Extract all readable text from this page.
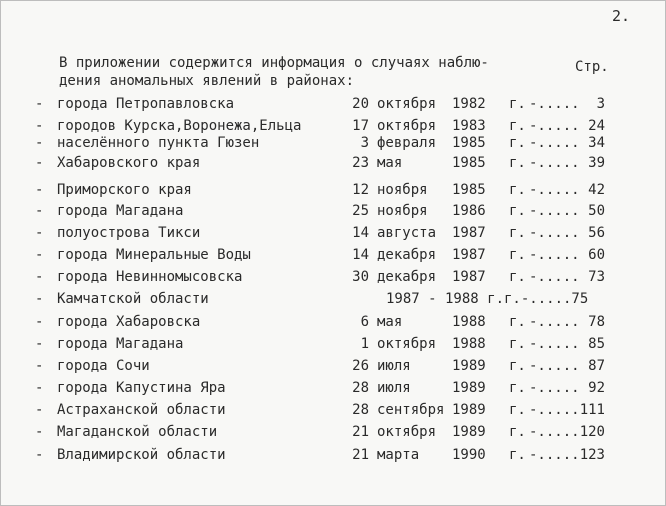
2.
В приложении содержится информация о случаях наблю-
дения аномальных явлений в районах:
Стр.
- города Петропавловска	20 октября 1982 г. -.....	3
- городов Курска,Воронежа,Ельца	17 октября 1983 г. -..... 24
- населённого пункта Гюзен	3 февраля 1985 г. -..... 34
- Хабаровского края	23 мая	1985 г. -..... 39
- Приморского края	12 ноября 1985 г. -..... 42
- города Магадана	25 ноября 1986 г. -..... 50
- полуострова Тикси	14 августа 1987 г. -..... 56
- города Минеральные Воды	14 декабря 1987 г. -..... 60
- города Невинномысовска	30 декабря 1987 г. -..... 73
- Камчатской области	1987 - 1988 г.г.-.....75
- города Хабаровска	6 мая	1988 г. -..... 78
- города Магадана	1 октября 1988 г. -..... 85
- города Сочи	26 июля	1989 г. -..... 87
- города Капустина Яра	28 июля	1989 г. -..... 92
- Астраханской области	28 сентября 1989 г. -..... 111
- Магаданской области	21 октября 1989 г. -..... 120
- Владимирской области	21 марта 1990 г. -..... 123
